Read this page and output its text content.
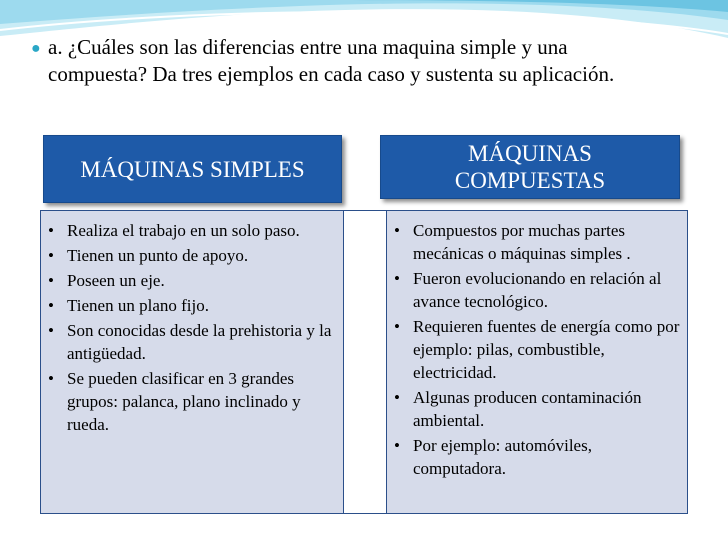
● a. ¿Cuáles son las diferencias entre una maquina simple y una compuesta? Da tres ejemplos en cada caso y sustenta su aplicación.
MÁQUINAS SIMPLES
MÁQUINAS COMPUESTAS
• Realiza el trabajo en un solo paso.
• Tienen un punto de apoyo.
• Poseen un eje.
• Tienen un plano fijo.
• Son conocidas desde la prehistoria y la antigüedad.
• Se pueden clasificar en 3 grandes grupos: palanca, plano inclinado y rueda.
• Compuestos por muchas partes mecánicas o máquinas simples .
• Fueron evolucionando en relación al avance tecnológico.
• Requieren fuentes de energía como por ejemplo: pilas, combustible, electricidad.
• Algunas producen contaminación ambiental.
• Por ejemplo: automóviles, computadora.
